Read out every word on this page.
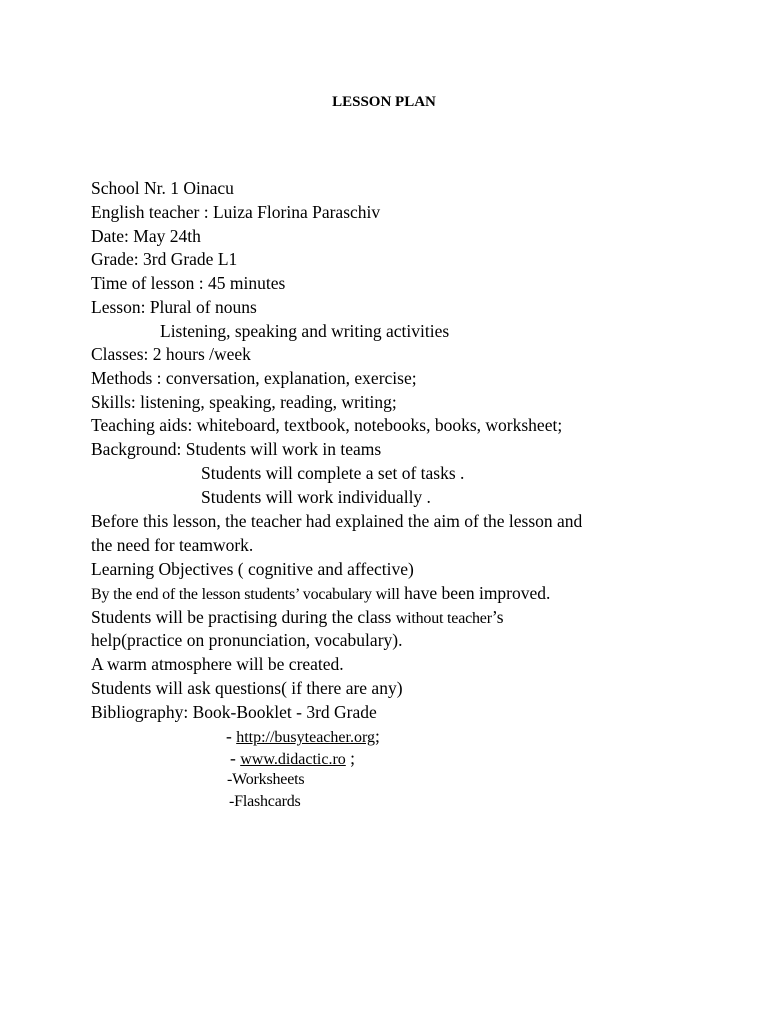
LESSON PLAN
School Nr. 1 Oinacu
English teacher : Luiza Florina Paraschiv
Date: May 24th
Grade: 3rd Grade L1
Time of lesson : 45 minutes
Lesson: Plural of nouns
Listening, speaking and writing activities
Classes: 2 hours /week
Methods : conversation, explanation, exercise;
Skills: listening, speaking, reading, writing;
Teaching aids: whiteboard, textbook, notebooks, books, worksheet;
Background: Students will work in teams
Students will complete a set of tasks .
Students will work individually .
Before this lesson, the teacher had explained the aim of the lesson and
the need for teamwork.
Learning Objectives ( cognitive and affective)
By the end of the lesson students’ vocabulary will have been improved.
Students will be practising during the class without teacher’s
help(practice on pronunciation, vocabulary).
A warm atmosphere will be created.
Students will ask questions( if there are any)
Bibliography: Book-Booklet - 3rd Grade
- http://busyteacher.org;
- www.didactic.ro ;
-Worksheets
-Flashcards
